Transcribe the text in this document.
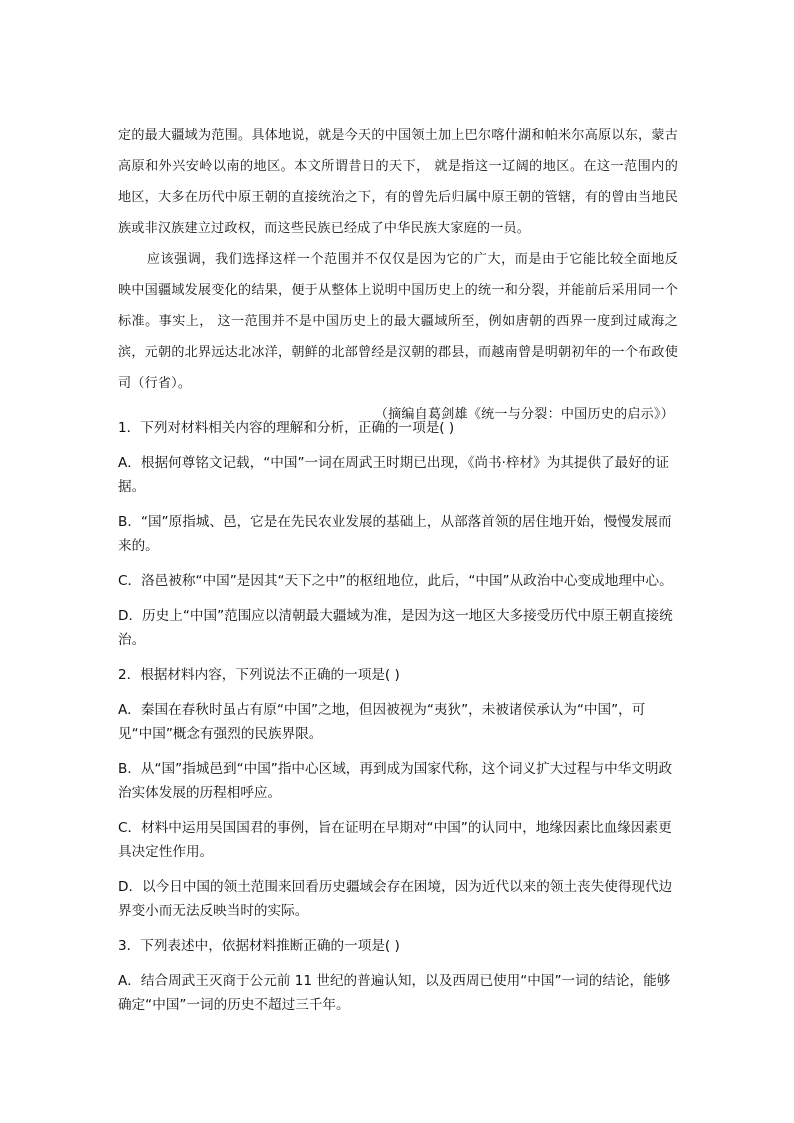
定的最大疆域为范围。具体地说，就是今天的中国领土加上巴尔喀什湖和帕米尔高原以东，蒙古高原和外兴安岭以南的地区。本文所谓昔日的天下， 就是指这一辽阔的地区。在这一范围内的地区，大多在历代中原王朝的直接统治之下，有的曾先后归属中原王朝的管辖，有的曾由当地民族或非汉族建立过政权，而这些民族已经成了中华民族大家庭的一员。

应该强调，我们选择这样一个范围并不仅仅是因为它的广大，而是由于它能比较全面地反映中国疆域发展变化的结果，便于从整体上说明中国历史上的统一和分裂，并能前后采用同一个标准。事实上， 这一范围并不是中国历史上的最大疆域所至，例如唐朝的西界一度到过咸海之滨，元朝的北界远达北冰洋，朝鲜的北部曾经是汉朝的郡县，而越南曾是明朝初年的一个布政使司（行省）。

（摘编自葛剑雄《统一与分裂：中国历史的启示》）

1．下列对材料相关内容的理解和分析，正确的一项是( )

A．根据何尊铭文记载，“中国”一词在周武王时期已出现，《尚书·梓材》为其提供了最好的证据。

B．“国”原指城、邑，它是在先民农业发展的基础上，从部落首领的居住地开始，慢慢发展而来的。

C．洛邑被称“中国”是因其“天下之中”的枢纽地位，此后，“中国”从政治中心变成地理中心。

D．历史上“中国”范围应以清朝最大疆域为准，是因为这一地区大多接受历代中原王朝直接统治。

2．根据材料内容，下列说法不正确的一项是( )

A．秦国在春秋时虽占有原“中国”之地，但因被视为“夷狄”，未被诸侯承认为“中国”，可见“中国”概念有强烈的民族界限。

B．从“国”指城邑到“中国”指中心区域，再到成为国家代称，这个词义扩大过程与中华文明政治实体发展的历程相呼应。

C．材料中运用吴国国君的事例，旨在证明在早期对“中国”的认同中，地缘因素比血缘因素更具决定性作用。

D．以今日中国的领土范围来回看历史疆域会存在困境，因为近代以来的领土丧失使得现代边界变小而无法反映当时的实际。

3．下列表述中，依据材料推断正确的一项是( )

A．结合周武王灭商于公元前 11 世纪的普遍认知，以及西周已使用“中国”一词的结论，能够确定“中国”一词的历史不超过三千年。
